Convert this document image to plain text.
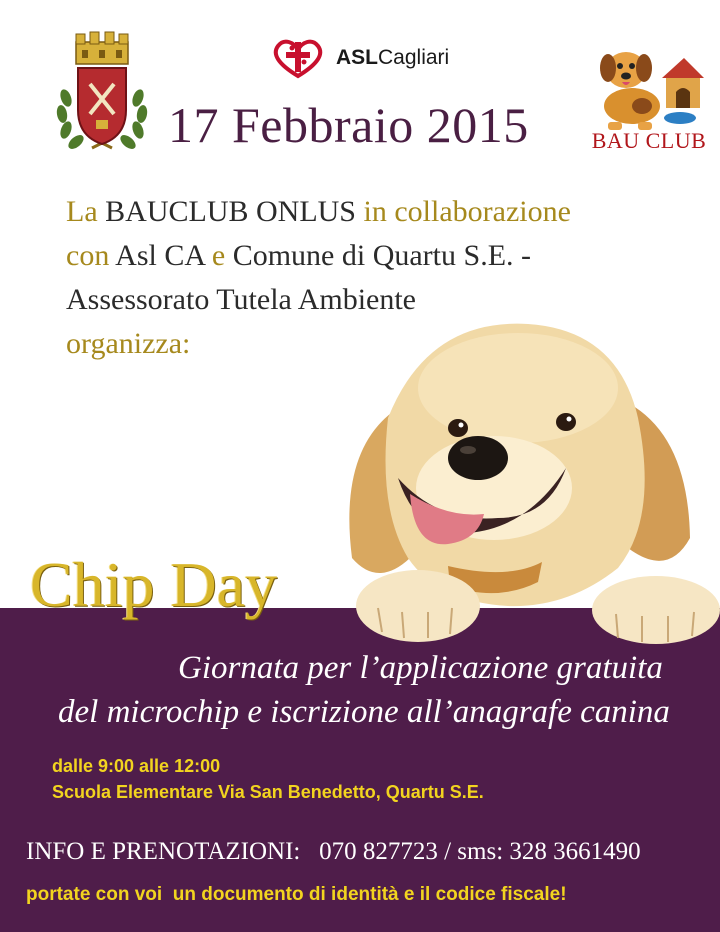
ASLCagliari
BAU CLUB
17 Febbraio 2015
La BAUCLUB ONLUS in collaborazione
con Asl CA e Comune di Quartu S.E. -
Assessorato Tutela Ambiente
organizza:
Chip Day
Giornata per l’applicazione gratuita
del microchip e iscrizione all’anagrafe canina
dalle 9:00 alle 12:00
Scuola Elementare Via San Benedetto, Quartu S.E.
INFO E PRENOTAZIONI:   070 827723 / sms: 328 3661490
portate con voi  un documento di identità e il codice fiscale!
